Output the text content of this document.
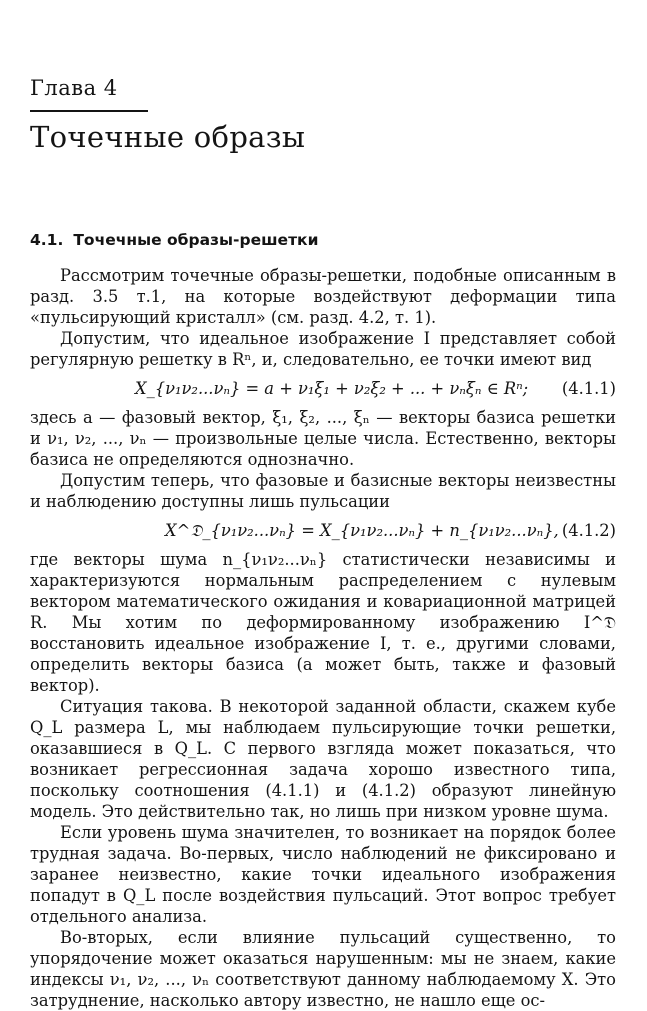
Глава 4
Точечные образы
4.1. Точечные образы-решетки

Рассмотрим точечные образы-решетки, подобные описанным в разд. 3.5 т.1, на которые воздействуют деформации типа «пульсирующий кристалл» (см. разд. 4.2, т. 1).

Допустим, что идеальное изображение I представляет собой регулярную решетку в Rⁿ, и, следовательно, ее точки имеют вид

X_{ν₁ν₂...νₙ} = a + ν₁ξ₁ + ν₂ξ₂ + ... + νₙξₙ ∈ Rⁿ; (4.1.1)

здесь a — фазовый вектор, ξ₁, ξ₂, ..., ξₙ — векторы базиса решетки и ν₁, ν₂, ..., νₙ — произвольные целые числа. Естественно, векторы базиса не определяются однозначно.

Допустим теперь, что фазовые и базисные векторы неизвестны и наблюдению доступны лишь пульсации

X^𝔇_{ν₁ν₂...νₙ} = X_{ν₁ν₂...νₙ} + n_{ν₁ν₂...νₙ}, (4.1.2)

где векторы шума n_{ν₁ν₂...νₙ} статистически независимы и характеризуются нормальным распределением с нулевым вектором математического ожидания и ковариационной матрицей R. Мы хотим по деформированному изображению I^𝔇 восстановить идеальное изображение I, т. е., другими словами, определить векторы базиса (а может быть, также и фазовый вектор).

Ситуация такова. В некоторой заданной области, скажем кубе Q_L размера L, мы наблюдаем пульсирующие точки решетки, оказавшиеся в Q_L. С первого взгляда может показаться, что возникает регрессионная задача хорошо известного типа, поскольку соотношения (4.1.1) и (4.1.2) образуют линейную модель. Это действительно так, но лишь при низком уровне шума.

Если уровень шума значителен, то возникает на порядок более трудная задача. Во-первых, число наблюдений не фиксировано и заранее неизвестно, какие точки идеального изображения попадут в Q_L после воздействия пульсаций. Этот вопрос требует отдельного анализа.

Во-вторых, если влияние пульсаций существенно, то упорядочение может оказаться нарушенным: мы не знаем, какие индексы ν₁, ν₂, ..., νₙ соответствуют данному наблюдаемому X. Это затруднение, насколько автору известно, не нашло еще ос-
